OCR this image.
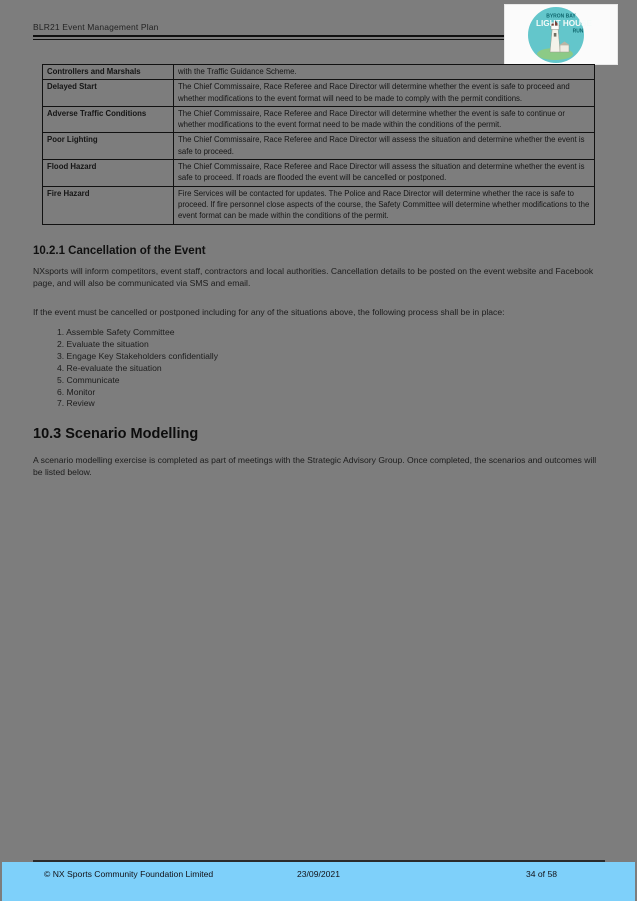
BLR21 Event Management Plan
BYRON BAY
LIGHT HOUSE
RUN
Controllers and Marshals	with the Traffic Guidance Scheme.
Delayed Start	The Chief Commissaire, Race Referee and Race Director will determine whether the event is safe to proceed and whether modifications to the event format will need to be made to comply with the permit conditions.
Adverse Traffic Conditions	The Chief Commissaire, Race Referee and Race Director will determine whether the event is safe to continue or whether modifications to the event format need to be made within the conditions of the permit.
Poor Lighting	The Chief Commissaire, Race Referee and Race Director will assess the situation and determine whether the event is safe to proceed.
Flood Hazard	The Chief Commissaire, Race Referee and Race Director will assess the situation and determine whether the event is safe to proceed. If roads are flooded the event will be cancelled or postponed.
Fire Hazard	Fire Services will be contacted for updates. The Police and Race Director will determine whether the race is safe to proceed. If fire personnel close aspects of the course, the Safety Committee will determine whether modifications to the event format can be made within the conditions of the permit.
10.2.1 Cancellation of the Event
NXsports will inform competitors, event staff, contractors and local authorities. Cancellation details to be posted on the event website and Facebook page, and will also be communicated via SMS and email.
If the event must be cancelled or postponed including for any of the situations above, the following process shall be in place:
1. Assemble Safety Committee
2. Evaluate the situation
3. Engage Key Stakeholders confidentially
4. Re-evaluate the situation
5. Communicate
6. Monitor
7. Review
10.3 Scenario Modelling
A scenario modelling exercise is completed as part of meetings with the Strategic Advisory Group. Once completed, the scenarios and outcomes will be listed below.
© NX Sports Community Foundation Limited	23/09/2021	34 of 58
